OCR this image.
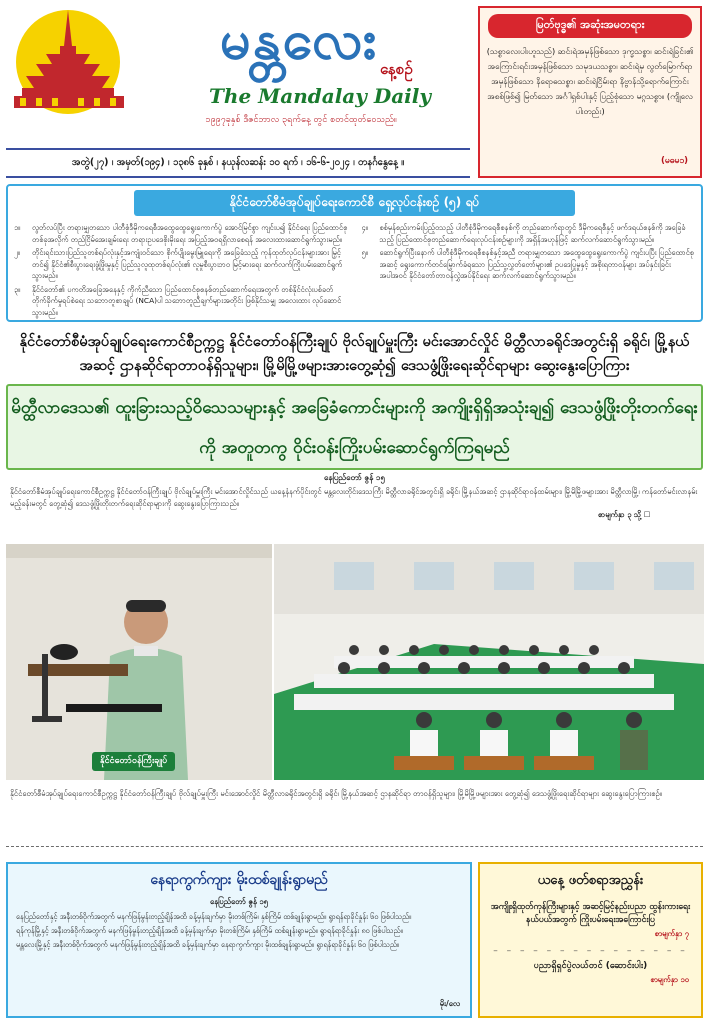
မန္တလေး နေ့စဉ်
The Mandalay Daily
၁၉၉၇ခုနှစ် ဒီဇင်ဘာလ ၃ရက်နေ့ တွင် စတင်ထုတ်ဝေသည်။
အတွဲ(၂၇) ၊ အမှတ်(၁၉၄) ၊ ၁၃၈၆ ခုနှစ် ၊ နယုန်လဆန်း ၁၀ ရက် ၊ ၁၆-၆-၂၀၂၄ ၊ တနင်္ဂနွေနေ့ ။
မြတ်ဗုဒ္ဓ၏ အဆုံးအမတရား
(သစ္စာလေးပါးဟူသည်) ဆင်းရဲအမှန်ဖြစ်သော ဒုက္ခသစ္စာ၊ ဆင်းရဲခြင်း၏ အကြောင်းရင်းအမှန်ဖြစ်သော သမုဒယသစ္စာ၊ ဆင်းရဲမှ လွတ်မြောက်ရာအမှန်ဖြစ်သော နိရောဓသစ္စာ၊ ဆင်းရဲငြိမ်းရာ နိဗ္ဗာန်သို့ရောက်ကြောင်း အစစ်ဖြစ်၍ မြတ်သော အင်္ဂါရှစ်ပါးနှင့် ပြည့်စုံသော မဂ္ဂသစ္စာ။ (ကျိုလေပါးတည်း)
(မဓမ၁)
နိုင်ငံတော်စီမံအုပ်ချုပ်ရေးကောင်စီ ရှေ့လုပ်ငန်းစဉ် (၅) ရပ်
၁။	လွတ်လပ်ပြီး တရားမျှတသော ပါတီစုံဒီမိုကရေစီအထွေထွေရွေးကောက်ပွဲ အောင်မြင်စွာ ကျင်းပ၍ နိုင်ငံရေး ပြည်ထောင်စုတစ်ခုအလိုက် တည်ငြိမ်အေးချမ်းရေး တရားဥပဒေစိုးမိုးရေး အပြည့်အဝရရှိလာစေရန် အလေးထားဆောင်ရွက်သွားမည်။
၂။	တိုင်းရင်းသားပြည်သူတစ်ရပ်လုံးနှင့်အကျုံးဝင်သော စိုက်ပျိုးမွေးမြူရေးကို အခြေခံသည့် ကုန်ထုတ်လုပ်ငန်းများအား မြှင့်တင်၍ နိုင်ငံ၏စီးပွားရေးဖွံ့ဖြိုးမှုနှင့် ပြည်သူလူထုတစ်ရပ်လုံး၏ လူမှုစီးပွားဘဝ မြင့်မားရေး ဆက်လက်ကြိုးပမ်းဆောင်ရွက်သွားမည်။
၃။	နိုင်ငံတော်၏ ပကတိအခြေအနေနှင့် ကိုက်ညီသော ပြည်ထောင်စုစနစ်တည်ဆောက်ရေးအတွက် တစ်နိုင်ငံလုံးပစ်ခတ်တိုက်ခိုက်မှုရပ်စဲရေး သဘောတူစာချုပ် (NCA)ပါ သဘောတူညီချက်များအတိုင်း ဖြစ်နိုင်သမျှ အလေးထား လုပ်ဆောင်သွားမည်။
၄။	စစ်မှန်စည်းကမ်းပြည့်ဝသည့် ပါတီစုံဒီမိုကရေစီစနစ်ကို တည်ဆောက်ရာတွင် ဒီမိုကရေစီနှင့် ဖက်ဒရယ်စနစ်ကို အခြေခံသည့် ပြည်ထောင်စုတည်ဆောက်ရေးလုပ်ငန်းစဉ်များကို အရှိန်အဟုန်ဖြင့် ဆက်လက်ဆောင်ရွက်သွားမည်။
၅။	ဆောင်ရွက်ပြီးနောက် ပါတီစုံဒီမိုကရေစီစနစ်နှင့်အညီ တရားမျှတသော အထွေထွေရွေးကောက်ပွဲ ကျင်းပပြီး ပြည်ထောင်စုအဆင့် ရွေးကောက်တင်မြှောက်ခံရသော ပြည်သူ့လွှတ်တော်များ၏ ဥပဒေပြုမှုနှင့် အစိုးရတာဝန်များ အပ်နှင်းခြင်းအပါအဝင် နိုင်ငံတော်တာဝန်လွှဲအပ်နိုင်ရေး ဆက်လက်ဆောင်ရွက်သွားမည်။
နိုင်ငံတော်စီမံအုပ်ချုပ်ရေးကောင်စီဥက္ကဋ္ဌ နိုင်ငံတော်ဝန်ကြီးချုပ် ဗိုလ်ချုပ်မှူးကြီး မင်းအောင်လှိုင် မိတ္ထီလာခရိုင်အတွင်းရှိ ခရိုင်၊ မြို့နယ်အဆင့် ဌာနဆိုင်ရာတာဝန်ရှိသူများ၊ မြို့မိမြို့ဖများအားတွေ့ဆုံ၍ ဒေသဖွံ့ဖြိုးရေးဆိုင်ရာများ ဆွေးနွေးပြောကြား
မိတ္ထီလာဒေသ၏ ထူးခြားသည့်ဝိသေသများနှင့် အခြေခံကောင်းများကို အကျိုးရှိရှိအသုံးချ၍ ဒေသဖွံ့ဖြိုးတိုးတက်ရေးကို အတူတကွ ဝိုင်းဝန်းကြိုးပမ်းဆောင်ရွက်ကြရမည်
နေပြည်တော် ဇွန် ၁၅
နိုင်ငံတော်စီမံအုပ်ချုပ်ရေးကောင်စီဥက္ကဋ္ဌ နိုင်ငံတော်ဝန်ကြီးချုပ် ဗိုလ်ချုပ်မှူးကြီး မင်းအောင်လှိုင်သည် ယနေ့နံနက်ပိုင်းတွင် မန္တလေးတိုင်းဒေသကြီး မိတ္ထီလာခရိုင်အတွင်းရှိ ခရိုင်၊ မြို့နယ်အဆင့် ဌာနဆိုင်ရာဝန်ထမ်းများ၊ မြို့မိမြို့ဖများအား မိတ္ထီလာမြို့၊ ကန်တော်မင်းလာနမ်းမည့်ခန်းမတွင် တွေ့ဆုံ၍ ဒေသဖွံ့ဖြိုးတိုးတက်ရေးဆိုင်ရာများကို ဆွေးနွေးပြောကြားသည်။
စာမျက်နှာ ၃ သို့ ☐
နိုင်ငံတော်ဝန်ကြီးချုပ်
နိုင်ငံတော်စီမံအုပ်ချုပ်ရေးကောင်စီဥက္ကဋ္ဌ နိုင်ငံတော်ဝန်ကြီးချုပ် ဗိုလ်ချုပ်မှူးကြီး မင်းအောင်လှိုင် မိတ္ထီလာခရိုင်အတွင်းရှိ ခရိုင်၊ မြို့နယ်အဆင့် ဌာနဆိုင်ရာ တာဝန်ရှိသူများ၊ မြို့မိမြို့ဖများအား တွေ့ဆုံ၍ ဒေသဖွံ့ဖြိုးရေးဆိုင်ရာများ ဆွေးနွေးပြောကြားစဉ်။
နေရာကွက်ကျား မိုးထစ်ချုန်းရွာမည်
နေပြည်တော် ဇွန် ၁၅
နေပြည်တော်နှင့် အနီးတစ်ဝိုက်အတွက် မနက်ဖြန်မွန်းတည့်ချိန်အထိ ခန့်မှန်းချက်မှာ မိုးတစ်ကြိမ်၊ နှစ်ကြိမ် ထစ်ချုန်းရွာမည်။ ရွာရန်ရာခိုင်နှုန်း ၆၀ ဖြစ်ပါသည်။
ရန်ကုန်မြို့နှင့် အနီးတစ်ဝိုက်အတွက် မနက်ဖြန်မွန်းတည့်ချိန်အထိ ခန့်မှန်းချက်မှာ မိုးတစ်ကြိမ်၊ နှစ်ကြိမ် ထစ်ချုန်းရွာမည်။ ရွာရန်ရာခိုင်နှုန်း ၈၀ ဖြစ်ပါသည်။
မန္တလေးမြို့နှင့် အနီးတစ်ဝိုက်အတွက် မနက်ဖြန်မွန်းတည့်ချိန်အထိ ခန့်မှန်းချက်မှာ နေရာကွက်ကျား မိုးထစ်ချုန်းရွာမည်။ ရွာရန်ရာခိုင်နှုန်း ၆၀ ဖြစ်ပါသည်။
မိုး/လေ
ယနေ့ ဖတ်စရာအညွှန်း
အကျိုးရှိထုတ်ကုန်ကြီးများနှင့် အဆင့်မြင့်နည်းပညာ ထွန်းကားရေးနယ်ပယ်အတွက် ကြိုးပမ်းရေးအကြောင်းပြ
စာမျက်နှာ ၇
– – – – – – – – – – – – – – –
ပညာရှိရှင်ပွဲလယ်တင် (ဆောင်းပါး)
စာမျက်နှာ ၁၀
